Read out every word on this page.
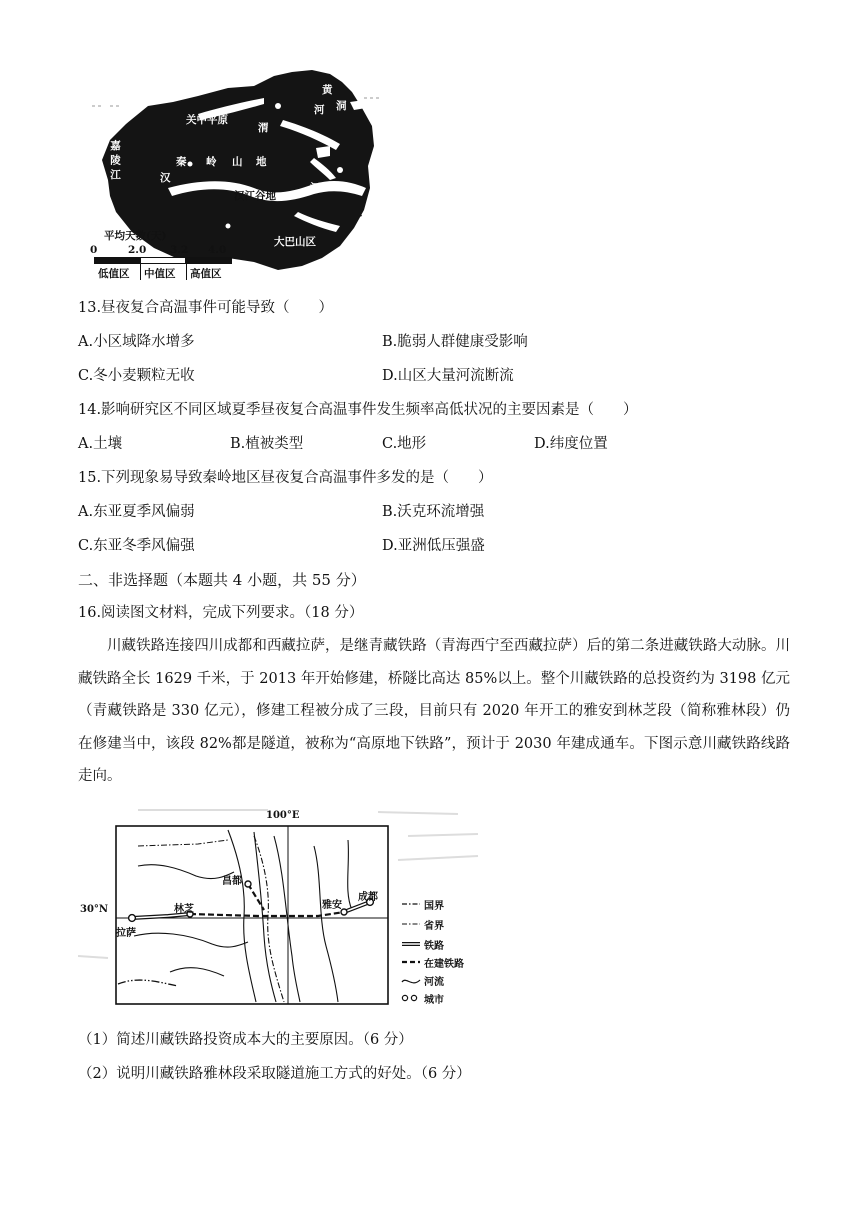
黄
河 洞
关中平原
渭
嘉陵江	秦 岭 山 地
汉
汉江谷地
江
大巴山区
平均天数(天)
0	2.0 3.2 4.0
低值区 中值区 高值区
13.昼夜复合高温事件可能导致（　　）
A.小区域降水增多	B.脆弱人群健康受影响
C.冬小麦颗粒无收	D.山区大量河流断流
14.影响研究区不同区域夏季昼夜复合高温事件发生频率高低状况的主要因素是（　　）
A.土壤	B.植被类型	C.地形	D.纬度位置
15.下列现象易导致秦岭地区昼夜复合高温事件多发的是（　　）
A.东亚夏季风偏弱	B.沃克环流增强
C.东亚冬季风偏强	D.亚洲低压强盛
二、非选择题（本题共 4 小题，共 55 分）
16.阅读图文材料，完成下列要求。（18 分）
川藏铁路连接四川成都和西藏拉萨，是继青藏铁路（青海西宁至西藏拉萨）后的第二条进藏铁路大动脉。川藏铁路全长 1629 千米，于 2013 年开始修建，桥隧比高达 85%以上。整个川藏铁路的总投资约为 3198 亿元（青藏铁路是 330 亿元），修建工程被分成了三段，目前只有 2020 年开工的雅安到林芝段（简称雅林段）仍在修建当中，该段 82%都是隧道，被称为“高原地下铁路”，预计于 2030 年建成通车。下图示意川藏铁路线路走向。
100°E
30°N
昌都
林芝
拉萨
雅安
成都
国界
省界
铁路
在建铁路
河流
城市
（1）简述川藏铁路投资成本大的主要原因。（6 分）
（2）说明川藏铁路雅林段采取隧道施工方式的好处。（6 分）
